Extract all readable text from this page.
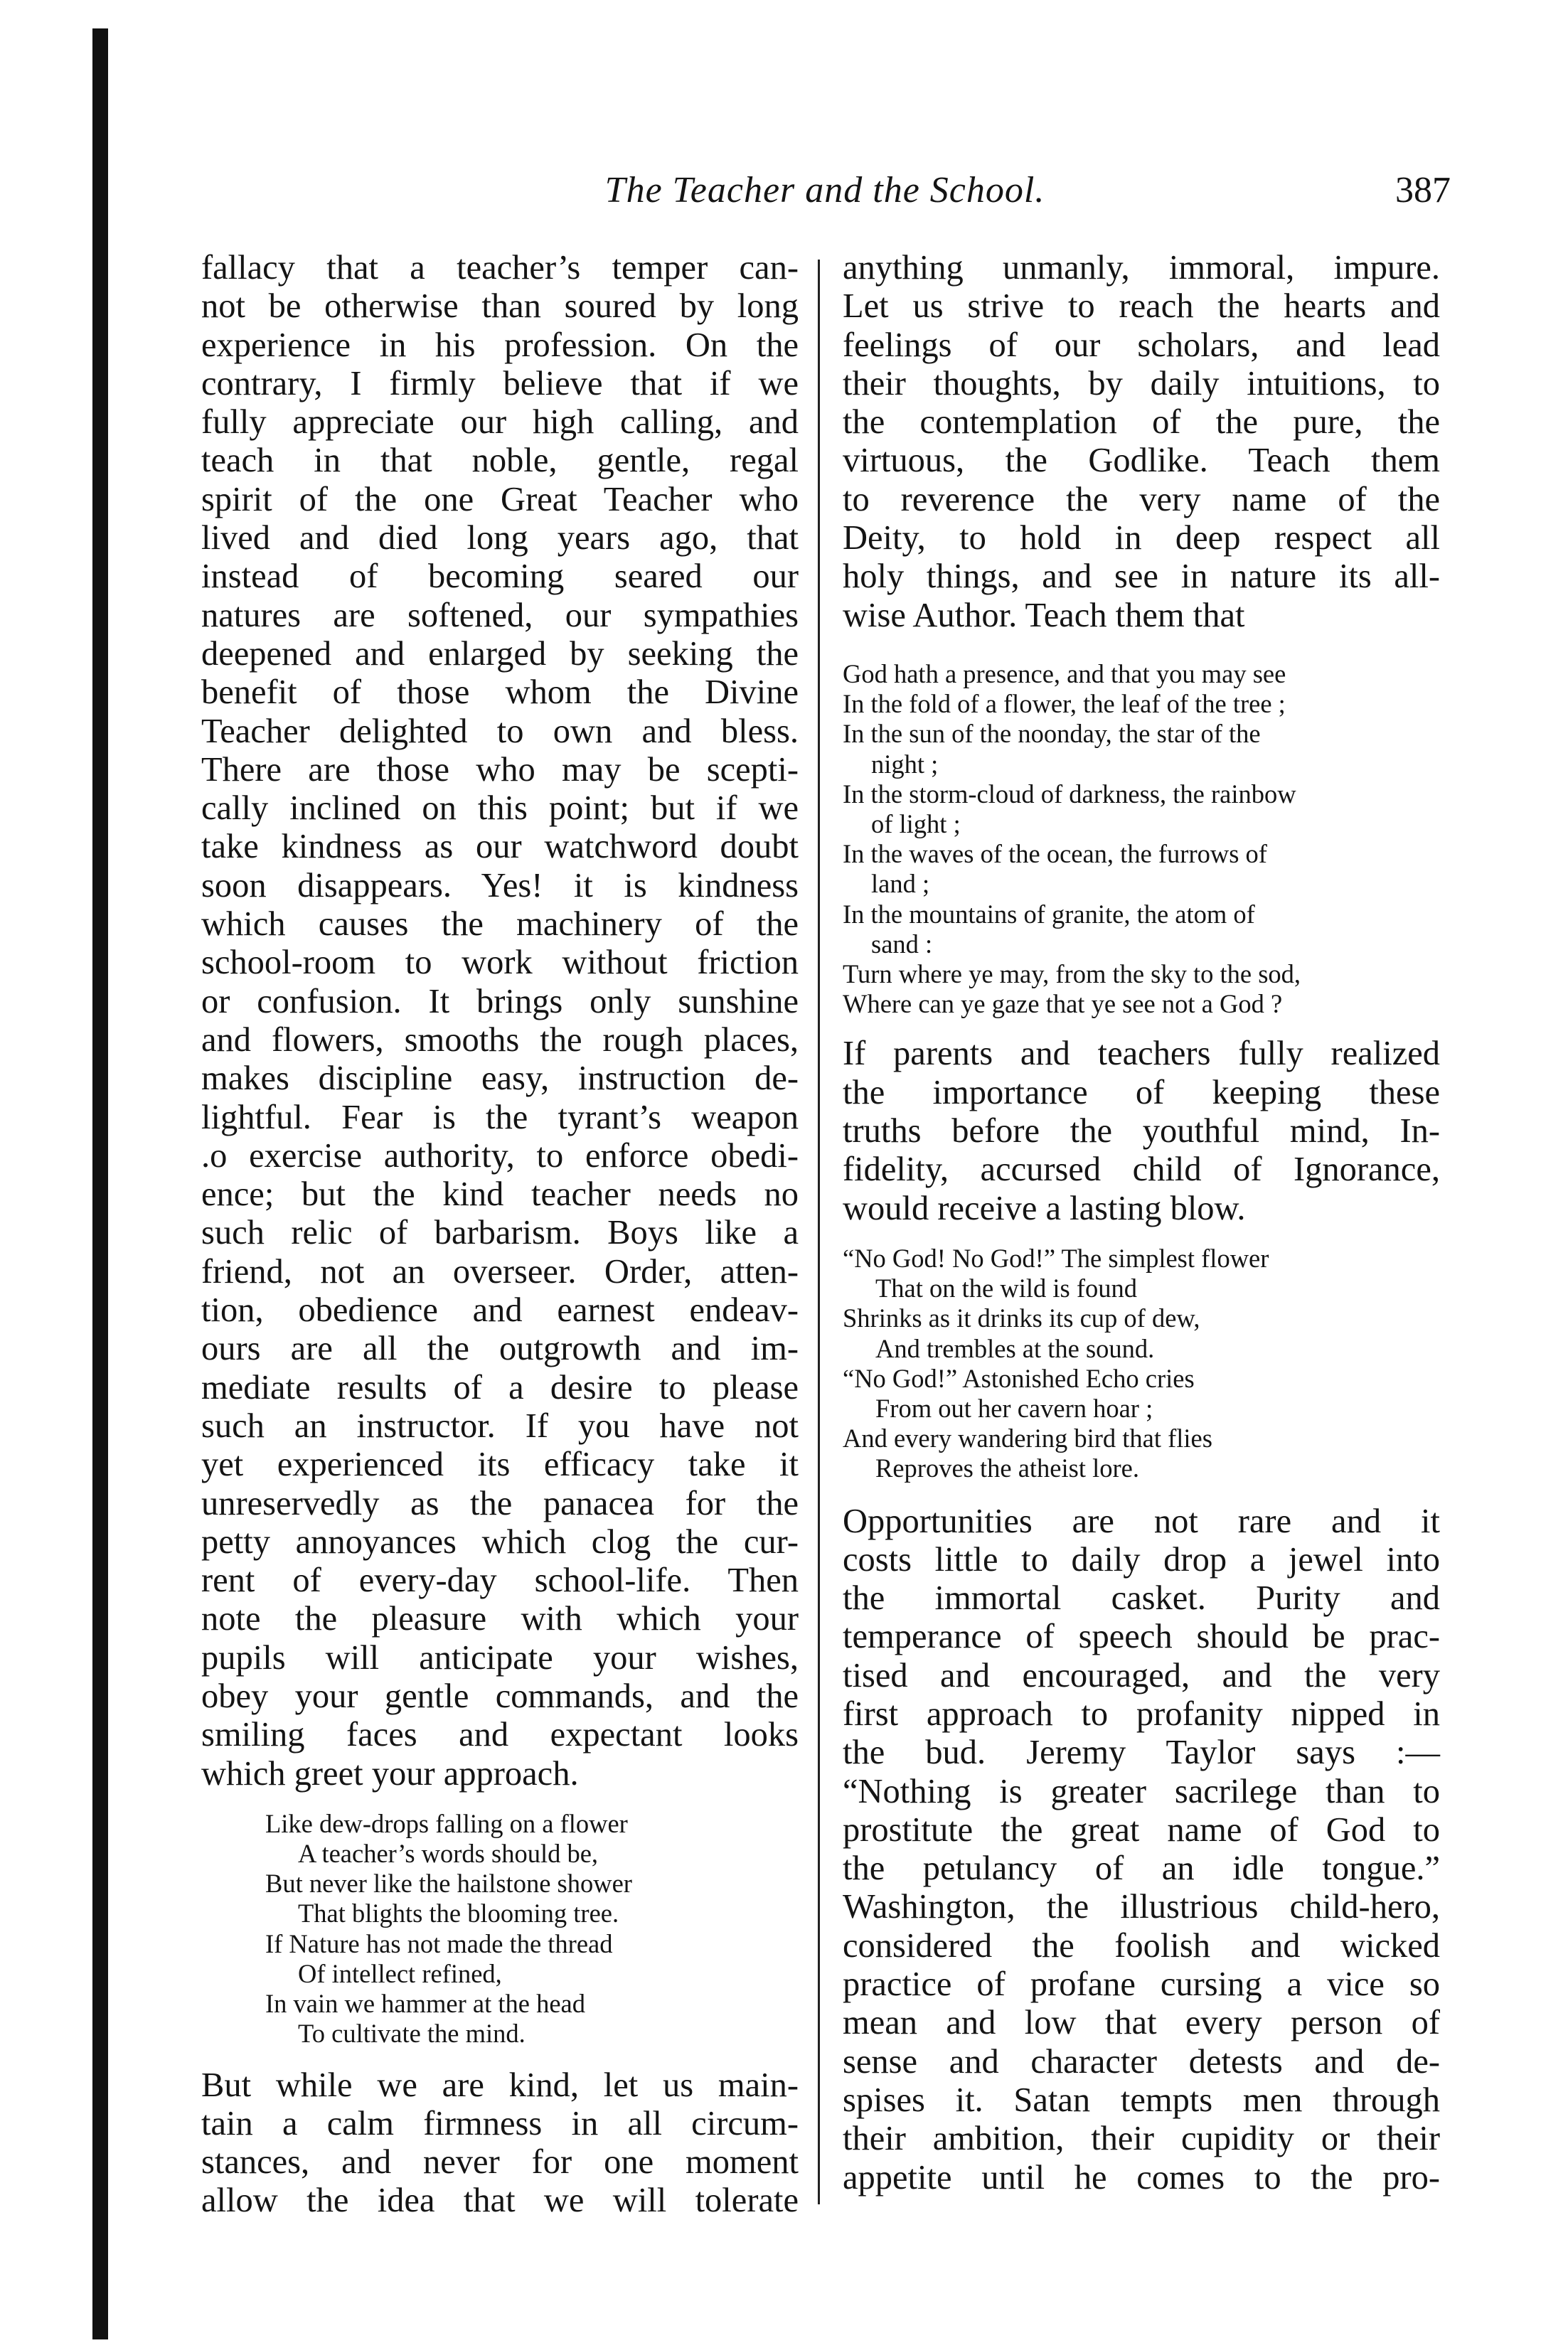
The Teacher and the School.	387
fallacy that a teacher’s temper can-
not be otherwise than soured by long
experience in his profession. On the
contrary, I firmly believe that if we
fully appreciate our high calling, and
teach in that noble, gentle, regal
spirit of the one Great Teacher who
lived and died long years ago, that
instead of becoming seared our
natures are softened, our sympathies
deepened and enlarged by seeking the
benefit of those whom the Divine
Teacher delighted to own and bless.
There are those who may be scepti-
cally inclined on this point; but if we
take kindness as our watchword doubt
soon disappears. Yes! it is kindness
which causes the machinery of the
school-room to work without friction
or confusion. It brings only sunshine
and flowers, smooths the rough places,
makes discipline easy, instruction de-
lightful. Fear is the tyrant’s weapon
.o exercise authority, to enforce obedi-
ence; but the kind teacher needs no
such relic of barbarism. Boys like a
friend, not an overseer. Order, atten-
tion, obedience and earnest endeav-
ours are all the outgrowth and im-
mediate results of a desire to please
such an instructor. If you have not
yet experienced its efficacy take it
unreservedly as the panacea for the
petty annoyances which clog the cur-
rent of every-day school-life. Then
note the pleasure with which your
pupils will anticipate your wishes,
obey your gentle commands, and the
smiling faces and expectant looks
which greet your approach.
Like dew-drops falling on a flower
A teacher’s words should be,
But never like the hailstone shower
That blights the blooming tree.
If Nature has not made the thread
Of intellect refined,
In vain we hammer at the head
To cultivate the mind.
But while we are kind, let us main-
tain a calm firmness in all circum-
stances, and never for one moment
allow the idea that we will tolerate
anything unmanly, immoral, impure.
Let us strive to reach the hearts and
feelings of our scholars, and lead
their thoughts, by daily intuitions, to
the contemplation of the pure, the
virtuous, the Godlike. Teach them
to reverence the very name of the
Deity, to hold in deep respect all
holy things, and see in nature its all-
wise Author. Teach them that
God hath a presence, and that you may see
In the fold of a flower, the leaf of the tree ;
In the sun of the noonday, the star of the
night ;
In the storm-cloud of darkness, the rainbow
of light ;
In the waves of the ocean, the furrows of
land ;
In the mountains of granite, the atom of
sand :
Turn where ye may, from the sky to the sod,
Where can ye gaze that ye see not a God ?
If parents and teachers fully realized
the importance of keeping these
truths before the youthful mind, In-
fidelity, accursed child of Ignorance,
would receive a lasting blow.
“No God! No God!” The simplest flower
That on the wild is found
Shrinks as it drinks its cup of dew,
And trembles at the sound.
“No God!” Astonished Echo cries
From out her cavern hoar ;
And every wandering bird that flies
Reproves the atheist lore.
Opportunities are not rare and it
costs little to daily drop a jewel into
the immortal casket. Purity and
temperance of speech should be prac-
tised and encouraged, and the very
first approach to profanity nipped in
the bud. Jeremy Taylor says :—
“Nothing is greater sacrilege than to
prostitute the great name of God to
the petulancy of an idle tongue.”
Washington, the illustrious child-hero,
considered the foolish and wicked
practice of profane cursing a vice so
mean and low that every person of
sense and character detests and de-
spises it. Satan tempts men through
their ambition, their cupidity or their
appetite until he comes to the pro-
